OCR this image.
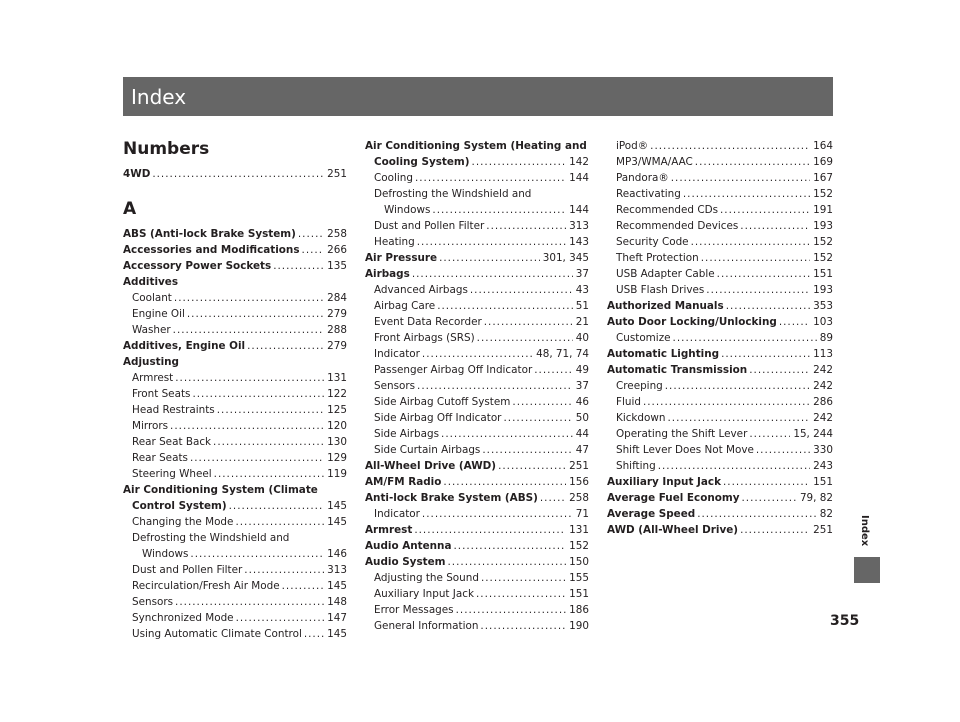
Index
Numbers
4WD .....	251
A
ABS (Anti-lock Brake System) .....	258
Accessories and Modifications .....	266
Accessory Power Sockets .....	135
Additives
Coolant .....	284
Engine Oil .....	279
Washer .....	288
Additives, Engine Oil .....	279
Adjusting
Armrest .....	131
Front Seats .....	122
Head Restraints .....	125
Mirrors .....	120
Rear Seat Back .....	130
Rear Seats .....	129
Steering Wheel .....	119
Air Conditioning System (Climate
Control System) .....	145
Changing the Mode .....	145
Defrosting the Windshield and
Windows .....	146
Dust and Pollen Filter .....	313
Recirculation/Fresh Air Mode .....	145
Sensors .....	148
Synchronized Mode .....	147
Using Automatic Climate Control ..... 145
Air Conditioning System (Heating and
Cooling System) .....	142
Cooling .....	144
Defrosting the Windshield and
Windows .....	144
Dust and Pollen Filter .....	313
Heating .....	143
Air Pressure .....	301, 345
Airbags .....	37
Advanced Airbags .....	43
Airbag Care .....	51
Event Data Recorder .....	21
Front Airbags (SRS) .....	40
Indicator .....	48, 71, 74
Passenger Airbag Off Indicator .....	49
Sensors .....	37
Side Airbag Cutoff System .....	46
Side Airbag Off Indicator .....	50
Side Airbags .....	44
Side Curtain Airbags .....	47
All-Wheel Drive (AWD) .....	251
AM/FM Radio .....	156
Anti-lock Brake System (ABS) .....	258
Indicator .....	71
Armrest .....	131
Audio Antenna .....	152
Audio System .....	150
Adjusting the Sound .....	155
Auxiliary Input Jack .....	151
Error Messages .....	186
General Information .....	190
iPod® .....	164
MP3/WMA/AAC .....	169
Pandora® .....	167
Reactivating .....	152
Recommended CDs .....	191
Recommended Devices .....	193
Security Code .....	152
Theft Protection .....	152
USB Adapter Cable .....	151
USB Flash Drives .....	193
Authorized Manuals .....	353
Auto Door Locking/Unlocking .....	103
Customize .....	89
Automatic Lighting .....	113
Automatic Transmission .....	242
Creeping .....	242
Fluid .....	286
Kickdown .....	242
Operating the Shift Lever .....	15, 244
Shift Lever Does Not Move .....	330
Shifting .....	243
Auxiliary Input Jack .....	151
Average Fuel Economy .....	79, 82
Average Speed .....	82
AWD (All-Wheel Drive) .....	251	Index
355
